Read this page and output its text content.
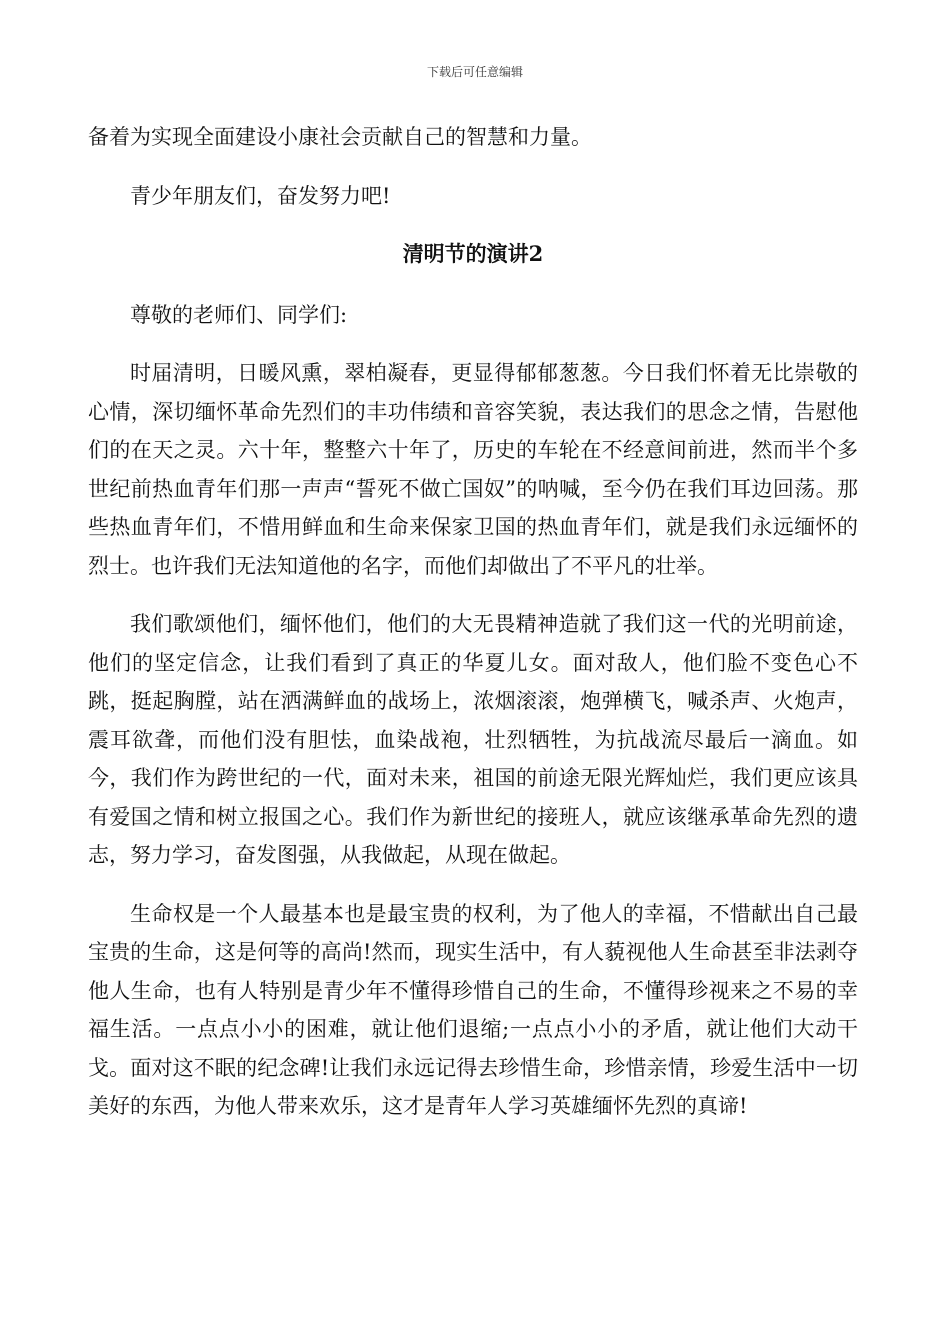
下载后可任意编辑

备着为实现全面建设小康社会贡献自己的智慧和力量。

青少年朋友们，奋发努力吧!

清明节的演讲2

尊敬的老师们、同学们:

时届清明，日暖风熏，翠柏凝春，更显得郁郁葱葱。今日我们怀着无比崇敬的心情，深切缅怀革命先烈们的丰功伟绩和音容笑貌，表达我们的思念之情，告慰他们的在天之灵。六十年，整整六十年了，历史的车轮在不经意间前进，然而半个多世纪前热血青年们那一声声“誓死不做亡国奴”的呐喊，至今仍在我们耳边回荡。那些热血青年们，不惜用鲜血和生命来保家卫国的热血青年们，就是我们永远缅怀的烈士。也许我们无法知道他的名字，而他们却做出了不平凡的壮举。

我们歌颂他们，缅怀他们，他们的大无畏精神造就了我们这一代的光明前途，他们的坚定信念，让我们看到了真正的华夏儿女。面对敌人，他们脸不变色心不跳，挺起胸膛，站在洒满鲜血的战场上，浓烟滚滚，炮弹横飞，喊杀声、火炮声，震耳欲聋，而他们没有胆怯，血染战袍，壮烈牺牲，为抗战流尽最后一滴血。如今，我们作为跨世纪的一代，面对未来，祖国的前途无限光辉灿烂，我们更应该具有爱国之情和树立报国之心。我们作为新世纪的接班人，就应该继承革命先烈的遗志，努力学习，奋发图强，从我做起，从现在做起。

生命权是一个人最基本也是最宝贵的权利，为了他人的幸福，不惜献出自己最宝贵的生命，这是何等的高尚!然而，现实生活中，有人藐视他人生命甚至非法剥夺他人生命，也有人特别是青少年不懂得珍惜自己的生命，不懂得珍视来之不易的幸福生活。一点点小小的困难，就让他们退缩;一点点小小的矛盾，就让他们大动干戈。面对这不眠的纪念碑!让我们永远记得去珍惜生命，珍惜亲情，珍爱生活中一切美好的东西，为他人带来欢乐，这才是青年人学习英雄缅怀先烈的真谛!
